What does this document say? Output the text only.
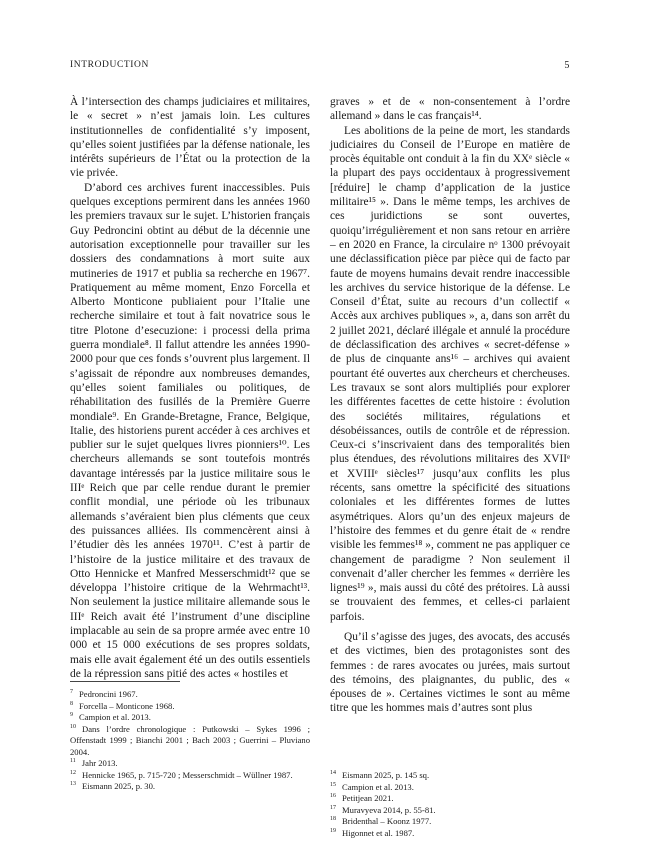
INTRODUCTION	5

À l’intersection des champs judiciaires et militaires, le « secret » n’est jamais loin. Les cultures institutionnelles de confidentialité s’y imposent, qu’elles soient justifiées par la défense nationale, les intérêts supérieurs de l’État ou la protection de la vie privée.

D’abord ces archives furent inaccessibles. Puis quelques exceptions permirent dans les années 1960 les premiers travaux sur le sujet. L’historien français Guy Pedroncini obtint au début de la décennie une autorisation exceptionnelle pour travailler sur les dossiers des condamnations à mort suite aux mutineries de 1917 et publia sa recherche en 1967⁷. Pratiquement au même moment, Enzo Forcella et Alberto Monticone publiaient pour l’Italie une recherche similaire et tout à fait novatrice sous le titre Plotone d’esecuzione: i processi della prima guerra mondiale⁸. Il fallut attendre les années 1990-2000 pour que ces fonds s’ouvrent plus largement. Il s’agissait de répondre aux nombreuses demandes, qu’elles soient familiales ou politiques, de réhabilitation des fusillés de la Première Guerre mondiale⁹. En Grande-Bretagne, France, Belgique, Italie, des historiens purent accéder à ces archives et publier sur le sujet quelques livres pionniers¹⁰. Les chercheurs allemands se sont toutefois montrés davantage intéressés par la justice militaire sous le IIIᵉ Reich que par celle rendue durant le premier conflit mondial, une période où les tribunaux allemands s’avéraient bien plus cléments que ceux des puissances alliées. Ils commencèrent ainsi à l’étudier dès les années 1970¹¹. C’est à partir de l’histoire de la justice militaire et des travaux de Otto Hennicke et Manfred Messerschmidt¹² que se développa l’histoire critique de la Wehrmacht¹³. Non seulement la justice militaire allemande sous le IIIᵉ Reich avait été l’instrument d’une discipline implacable au sein de sa propre armée avec entre 10 000 et 15 000 exécutions de ses propres soldats, mais elle avait également été un des outils essentiels de la répression sans pitié des actes « hostiles et

graves » et de « non-consentement à l’ordre allemand » dans le cas français¹⁴.

Les abolitions de la peine de mort, les standards judiciaires du Conseil de l’Europe en matière de procès équitable ont conduit à la fin du XXᵉ siècle « la plupart des pays occidentaux à progressivement [réduire] le champ d’application de la justice militaire¹⁵ ». Dans le même temps, les archives de ces juridictions se sont ouvertes, quoiqu’irrégulièrement et non sans retour en arrière – en 2020 en France, la circulaire nᵒ 1300 prévoyait une déclassification pièce par pièce qui de facto par faute de moyens humains devait rendre inaccessible les archives du service historique de la défense. Le Conseil d’État, suite au recours d’un collectif « Accès aux archives publiques », a, dans son arrêt du 2 juillet 2021, déclaré illégale et annulé la procédure de déclassification des archives « secret-défense » de plus de cinquante ans¹⁶ – archives qui avaient pourtant été ouvertes aux chercheurs et chercheuses. Les travaux se sont alors multipliés pour explorer les différentes facettes de cette histoire : évolution des sociétés militaires, régulations et désobéissances, outils de contrôle et de répression. Ceux-ci s’inscrivaient dans des temporalités bien plus étendues, des révolutions militaires des XVIIᵉ et XVIIIᵉ siècles¹⁷ jusqu’aux conflits les plus récents, sans omettre la spécificité des situations coloniales et les différentes formes de luttes asymétriques. Alors qu’un des enjeux majeurs de l’histoire des femmes et du genre était de « rendre visible les femmes¹⁸ », comment ne pas appliquer ce changement de paradigme ? Non seulement il convenait d’aller chercher les femmes « derrière les lignes¹⁹ », mais aussi du côté des prétoires. Là aussi se trouvaient des femmes, et celles-ci parlaient parfois.

Qu’il s’agisse des juges, des avocats, des accusés et des victimes, bien des protagonistes sont des femmes : de rares avocates ou jurées, mais surtout des témoins, des plaignantes, du public, des « épouses de ». Certaines victimes le sont au même titre que les hommes mais d’autres sont plus

7 Pedroncini 1967.
8 Forcella – Monticone 1968.
9 Campion et al. 2013.
10 Dans l’ordre chronologique : Putkowski – Sykes 1996 ; Offenstadt 1999 ; Bianchi 2001 ; Bach 2003 ; Guerrini – Pluviano 2004.
11 Jahr 2013.
12 Hennicke 1965, p. 715-720 ; Messerschmidt – Wüllner 1987.
13 Eismann 2025, p. 30.
14 Eismann 2025, p. 145 sq.
15 Campion et al. 2013.
16 Petitjean 2021.
17 Muravyeva 2014, p. 55-81.
18 Bridenthal – Koonz 1977.
19 Higonnet et al. 1987.
